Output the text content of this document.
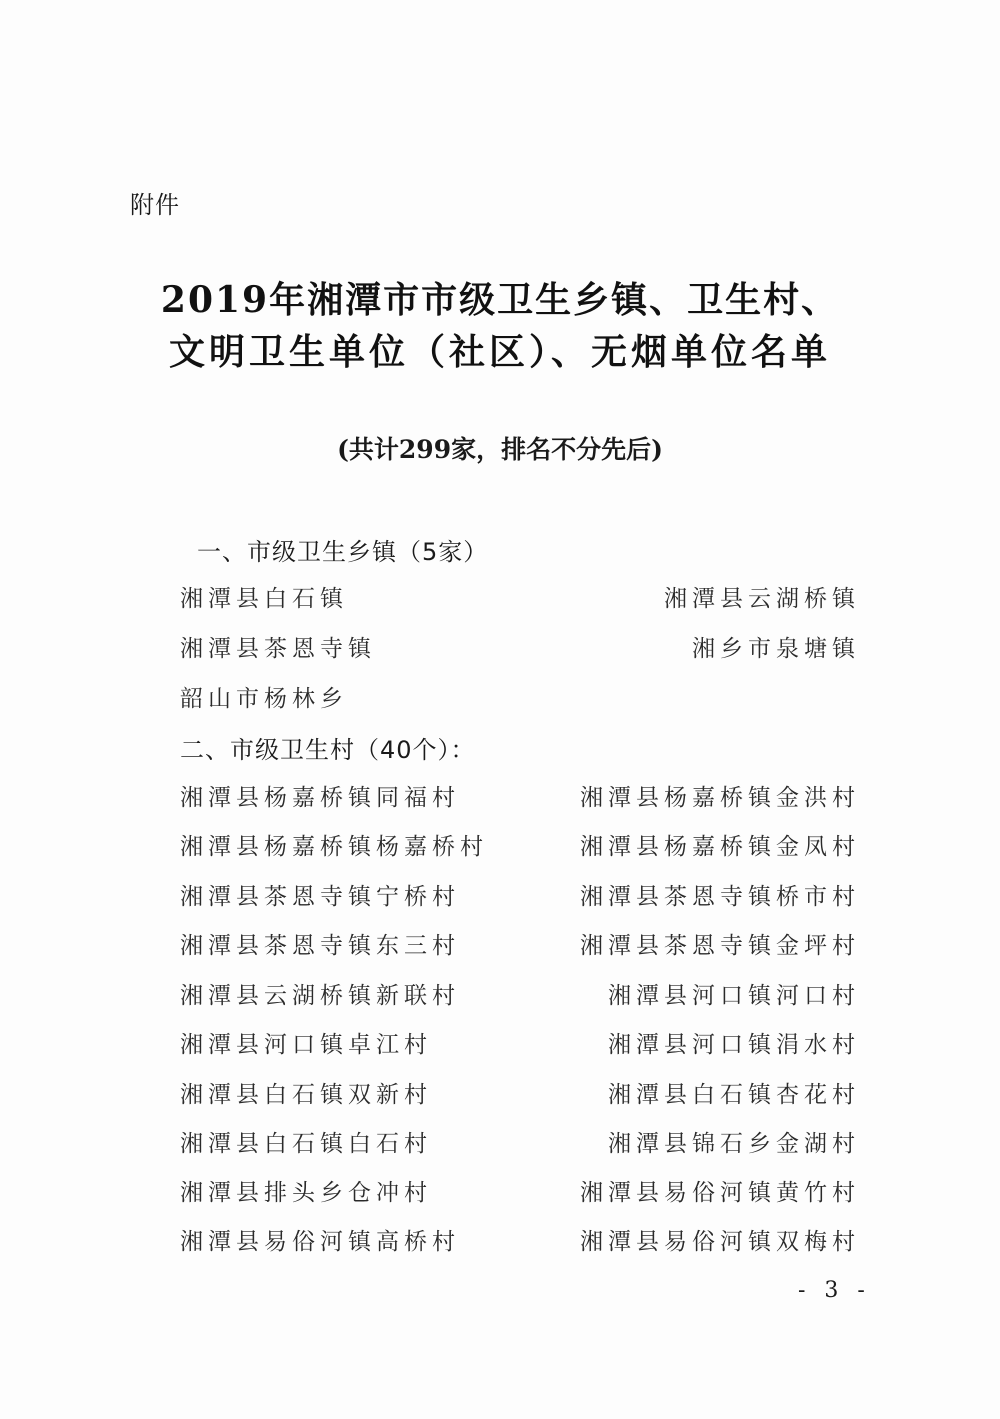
附件
2019年湘潭市市级卫生乡镇、卫生村、
文明卫生单位（社区）、无烟单位名单
(共计299家，排名不分先后)
一、市级卫生乡镇（5家）
湘潭县白石镇	湘潭县云湖桥镇
湘潭县茶恩寺镇	湘乡市泉塘镇
韶山市杨林乡
二、市级卫生村（40个）：
湘潭县杨嘉桥镇同福村	湘潭县杨嘉桥镇金洪村
湘潭县杨嘉桥镇杨嘉桥村	湘潭县杨嘉桥镇金凤村
湘潭县茶恩寺镇宁桥村	湘潭县茶恩寺镇桥市村
湘潭县茶恩寺镇东三村	湘潭县茶恩寺镇金坪村
湘潭县云湖桥镇新联村	湘潭县河口镇河口村
湘潭县河口镇卓江村	湘潭县河口镇涓水村
湘潭县白石镇双新村	湘潭县白石镇杏花村
湘潭县白石镇白石村	湘潭县锦石乡金湖村
湘潭县排头乡仓冲村	湘潭县易俗河镇黄竹村
湘潭县易俗河镇高桥村	湘潭县易俗河镇双梅村
- 3 -
